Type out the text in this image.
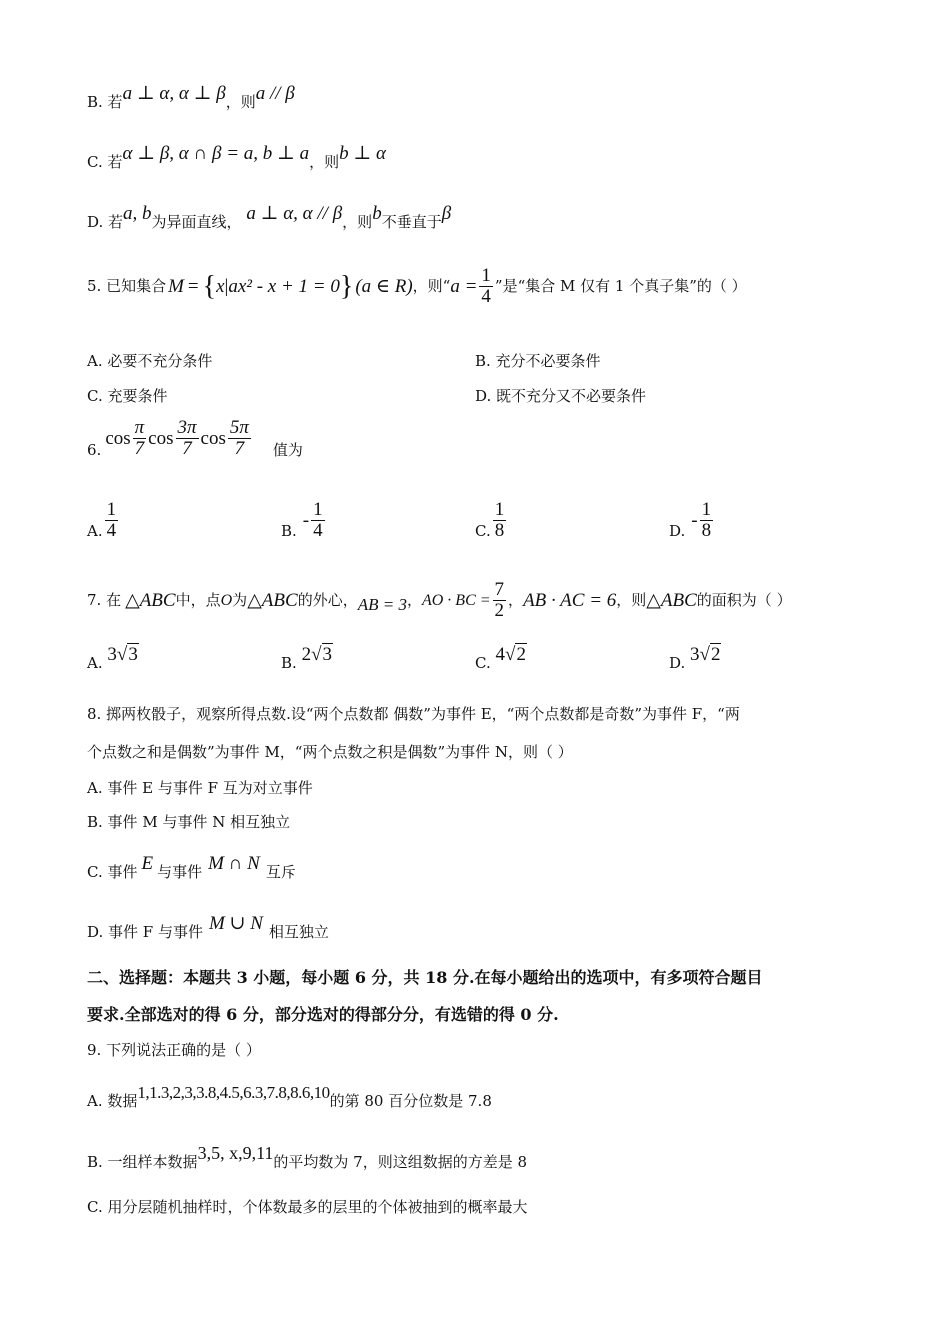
B. 若a ⊥ α, α ⊥ β，则a // β
C. 若α ⊥ β, α ∩ β = a, b ⊥ a，则b ⊥ α
D. 若a, b为异面直线， a ⊥ α, α // β，则b不垂直于β
5. 已知集合 M = { x | ax² - x + 1 = 0 } (a ∈ R) ，则“ $a = \frac{1}{4}$ ”是“集合 M 仅有 1 个真子集”的（ ）
A. 必要不充分条件	B. 充分不必要条件
C. 充要条件	D. 既不充分又不必要条件
6.
$\cos \frac{\pi}{7}$ $\cos \frac{3\pi}{7}$ $\cos \frac{5\pi}{7}$ 值为
A. $\frac{1}{4}$	B. - $\frac{1}{4}$	C. $\frac{1}{8}$	D. - $\frac{1}{8}$
7. 在 △ABC 中，点 O 为 △ABC 的外心， AB = 3 ， AO · BC = $\frac{7}{2}$ ， AB · AC = 6 ，则 △ABC 的面积为（ ）
A. 3√3	B. 2√3	C. 4√2	D. 3√2
8. 掷两枚骰子，观察所得点数.设“两个点数都 偶数”为事件 E，“两个点数都是奇数”为事件 F，“两
个点数之和是偶数”为事件 M，“两个点数之积是偶数”为事件 N，则（ ）
A. 事件 E 与事件 F 互为对立事件
B. 事件 M 与事件 N 相互独立
C. 事件 E 与事件 M ∩ N 互斥
D. 事件 F 与事件 M ∪ N 相互独立
二、选择题：本题共 3 小题，每小题 6 分，共 18 分.在每小题给出的选项中，有多项符合题目
要求.全部选对的得 6 分，部分选对的得部分分，有选错的得 0 分.
9. 下列说法正确的是（ ）
A. 数据1,1.3,2,3,3.8,4.5,6.3,7.8,8.6,10的第 80 百分位数是 7.8
B. 一组样本数据3,5, x,9,11的平均数为 7，则这组数据的方差是 8
C. 用分层随机抽样时，个体数最多的层里的个体被抽到的概率最大
